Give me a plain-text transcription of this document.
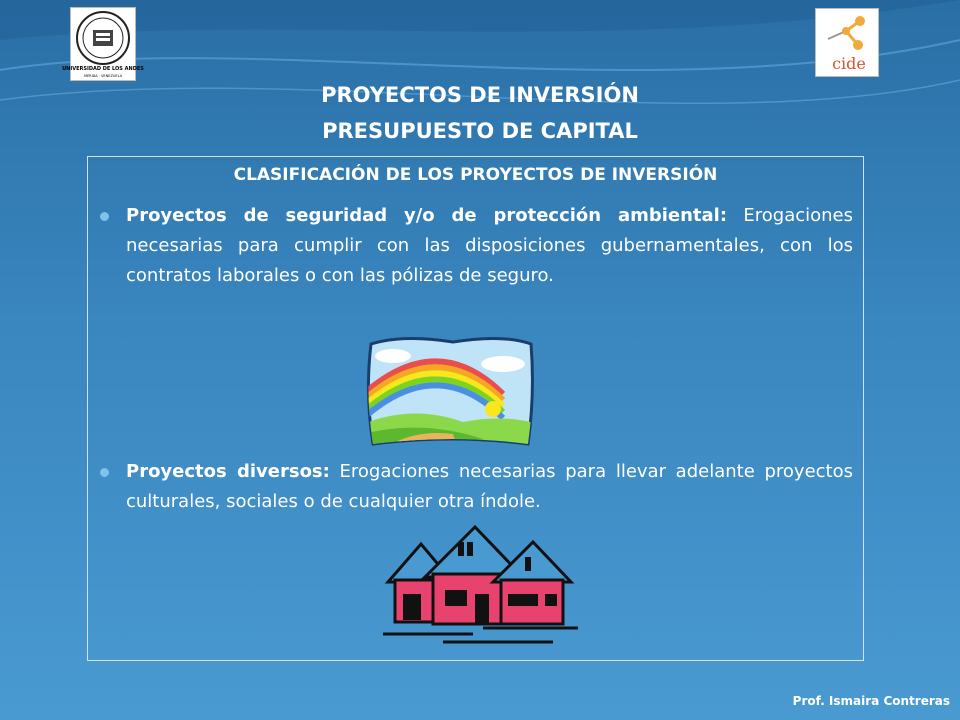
UNIVERSIDAD DE LOS ANDES
MÉRIDA · VENEZUELA
cide
PROYECTOS DE INVERSIÓN
PRESUPUESTO DE CAPITAL
CLASIFICACIÓN DE LOS PROYECTOS DE INVERSIÓN
Proyectos de seguridad y/o de protección ambiental: Erogaciones necesarias para cumplir con las disposiciones gubernamentales, con los contratos laborales o con las pólizas de seguro.
Proyectos diversos: Erogaciones necesarias para llevar adelante proyectos culturales, sociales o de cualquier otra índole.
Prof. Ismaira Contreras
